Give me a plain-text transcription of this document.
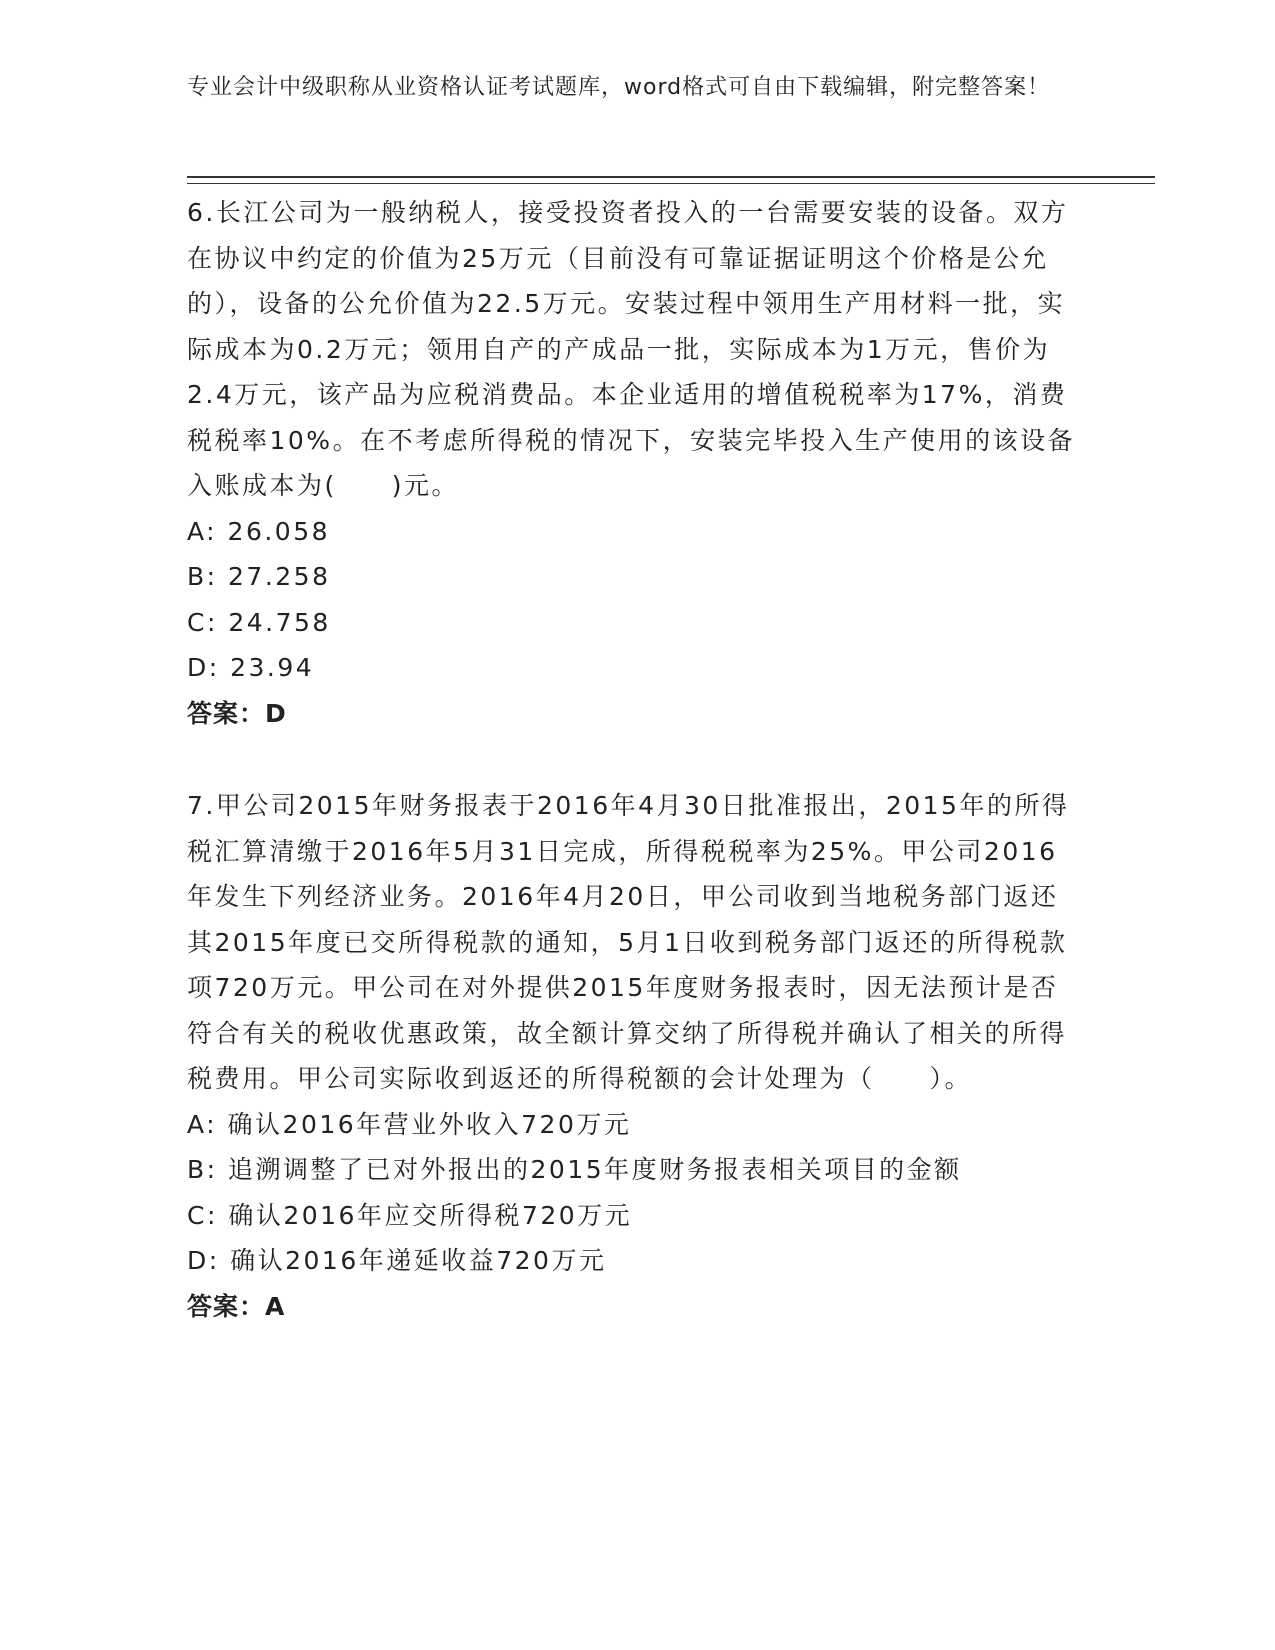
专业会计中级职称从业资格认证考试题库，word格式可自由下载编辑，附完整答案！

6.长江公司为一般纳税人，接受投资者投入的一台需要安装的设备。双方在协议中约定的价值为25万元（目前没有可靠证据证明这个价格是公允的），设备的公允价值为22.5万元。安装过程中领用生产用材料一批，实际成本为0.2万元；领用自产的产成品一批，实际成本为1万元，售价为2.4万元，该产品为应税消费品。本企业适用的增值税税率为17%，消费税税率10%。在不考虑所得税的情况下，安装完毕投入生产使用的该设备入账成本为(　　)元。

A: 26.058

B: 27.258

C: 24.758

D: 23.94

答案：D

7.甲公司2015年财务报表于2016年4月30日批准报出，2015年的所得税汇算清缴于2016年5月31日完成，所得税税率为25%。甲公司2016年发生下列经济业务。2016年4月20日，甲公司收到当地税务部门返还其2015年度已交所得税款的通知，5月1日收到税务部门返还的所得税款项720万元。甲公司在对外提供2015年度财务报表时，因无法预计是否符合有关的税收优惠政策，故全额计算交纳了所得税并确认了相关的所得税费用。甲公司实际收到返还的所得税额的会计处理为（　　）。

A: 确认2016年营业外收入720万元

B: 追溯调整了已对外报出的2015年度财务报表相关项目的金额

C: 确认2016年应交所得税720万元

D: 确认2016年递延收益720万元

答案：A
